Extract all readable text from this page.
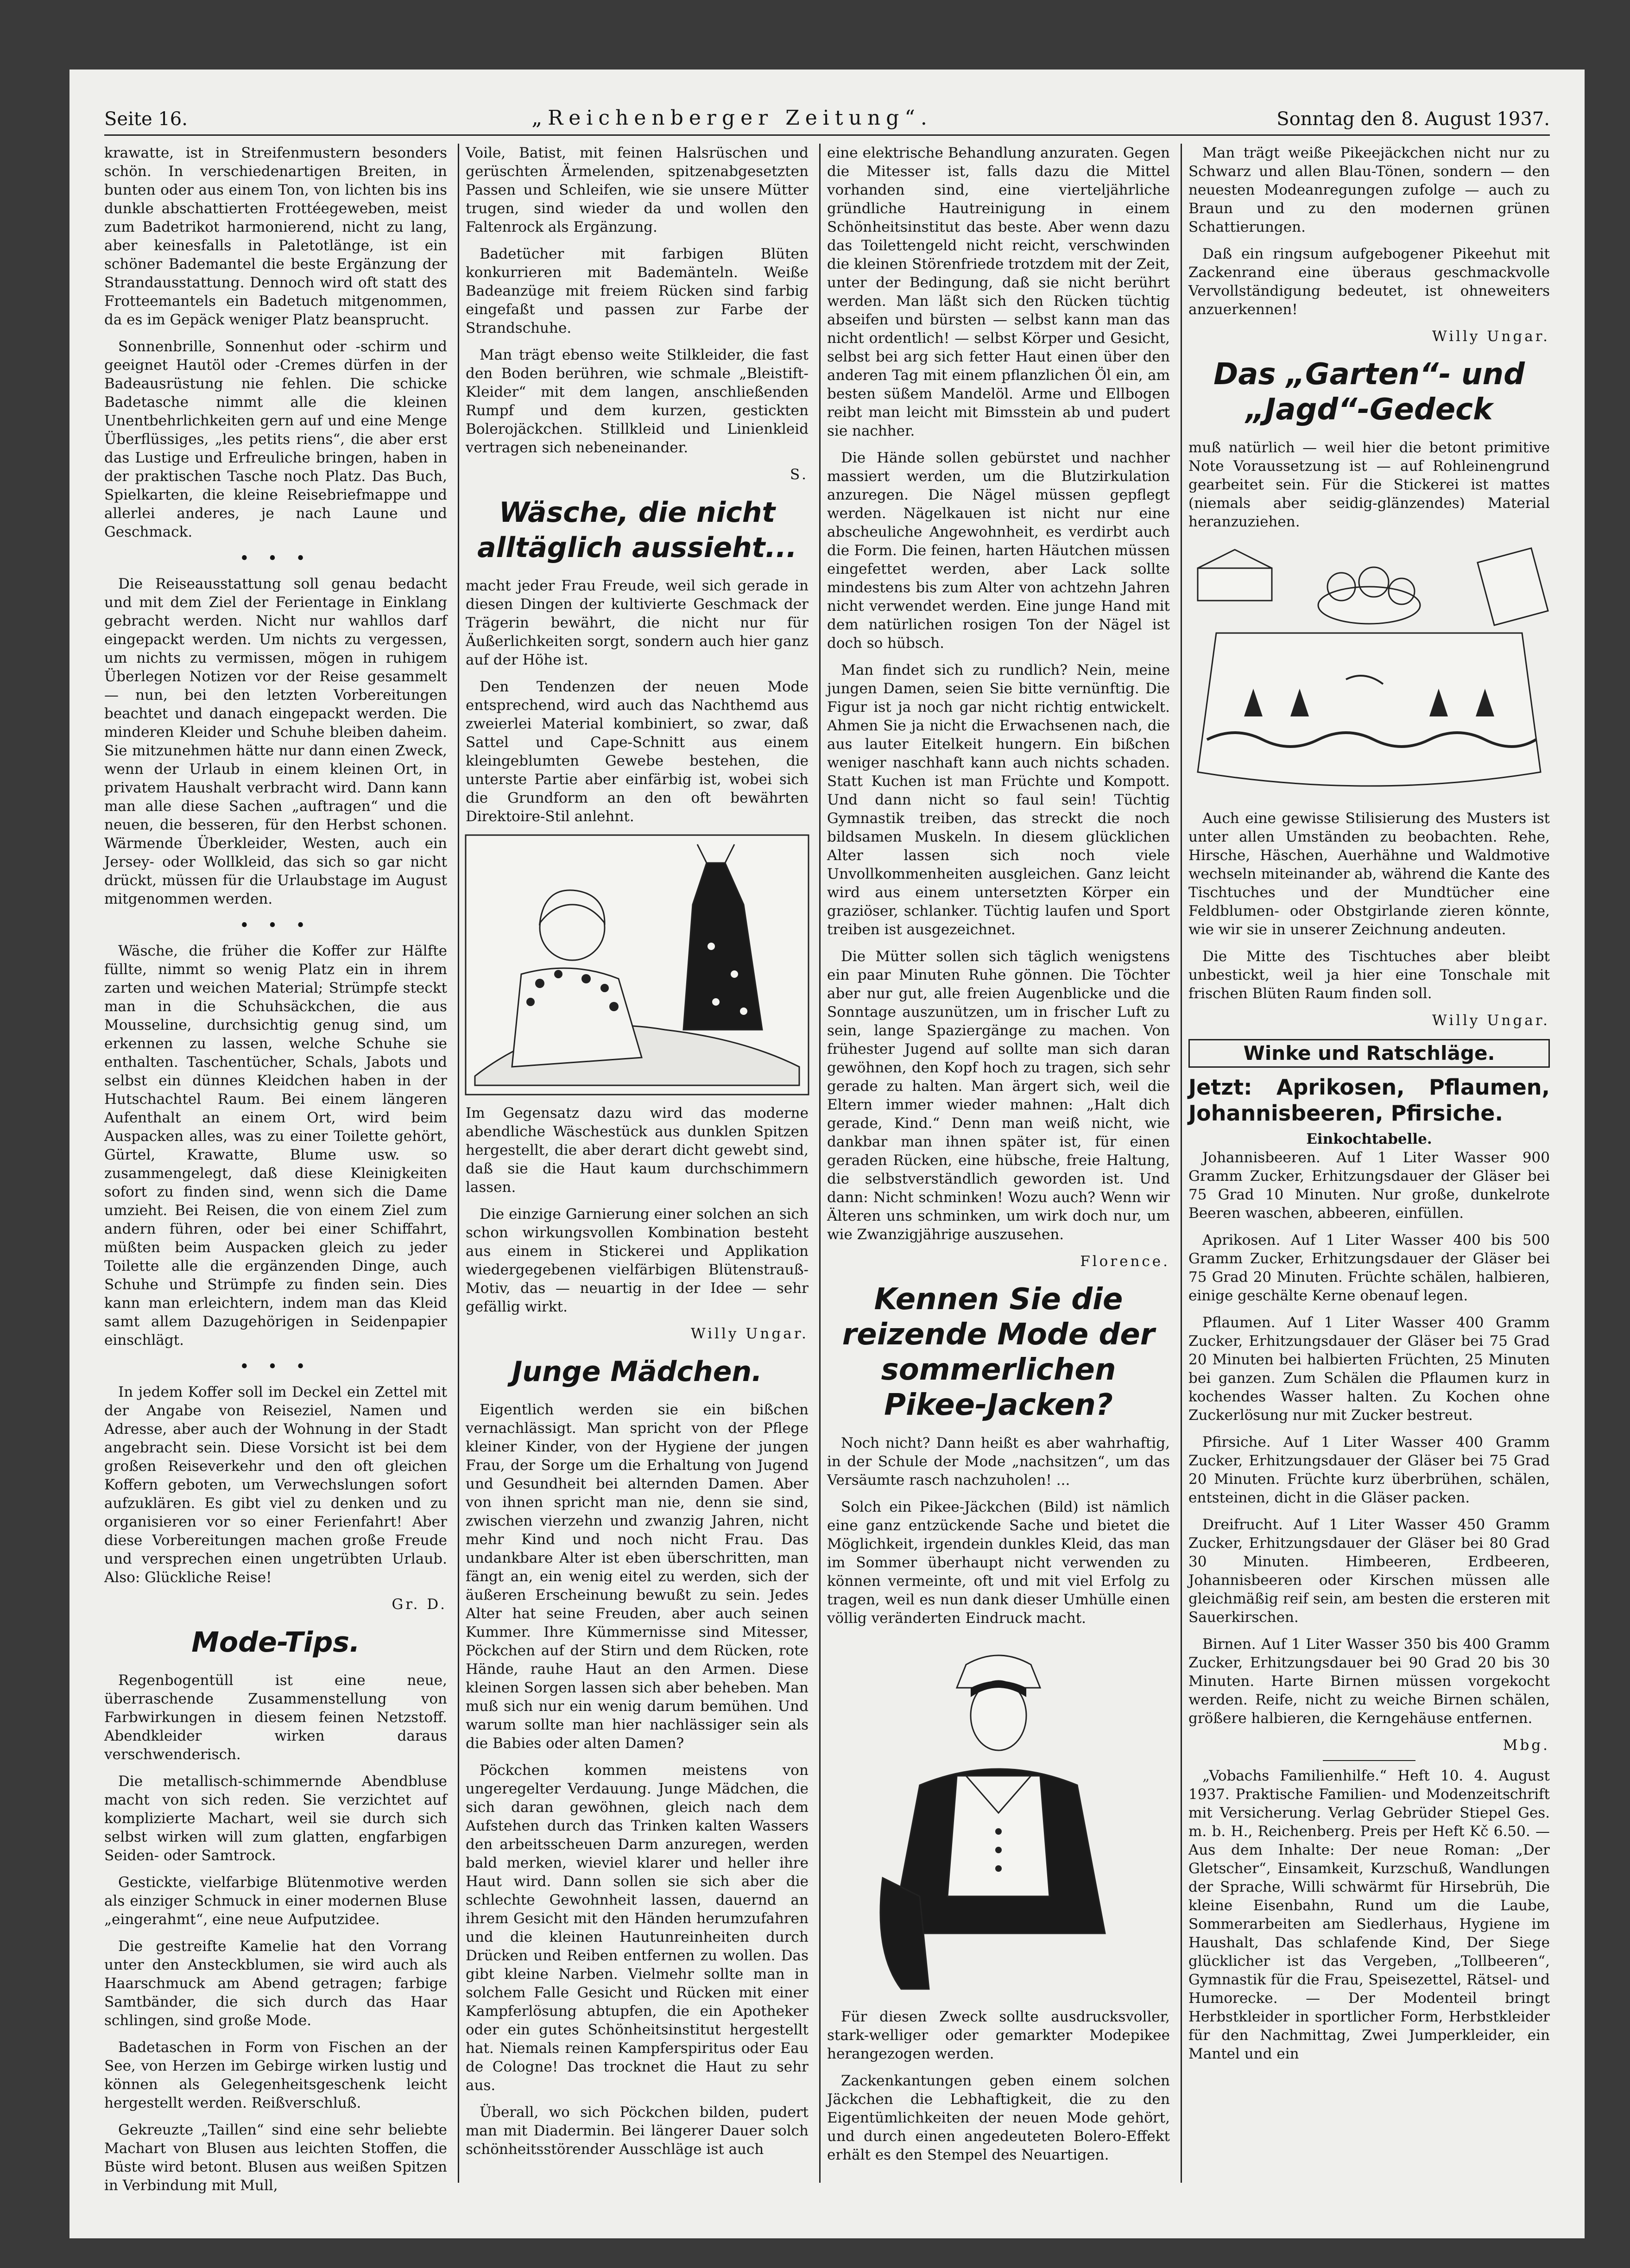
Seite 16.	„Reichenberger Zeitung“.	Sonntag den 8. August 1937.

krawatte, ist in Streifenmustern besonders schön. In verschiedenartigen Breiten, in bunten oder aus einem Ton, von lichten bis ins dunkle abschattierten Frottéegeweben, meist zum Badetrikot harmonierend, nicht zu lang, aber keinesfalls in Paletotlänge, ist ein schöner Bademantel die beste Ergänzung der Strandausstattung. Dennoch wird oft statt des Frotteemantels ein Badetuch mitgenommen, da es im Gepäck weniger Platz beansprucht.

Sonnenbrille, Sonnenhut oder -schirm und geeignet Hautöl oder -Cremes dürfen in der Badeausrüstung nie fehlen. Die schicke Badetasche nimmt alle die kleinen Unentbehrlichkeiten gern auf und eine Menge Überflüssiges, „les petits riens“, die aber erst das Lustige und Erfreuliche bringen, haben in der praktischen Tasche noch Platz. Das Buch, Spielkarten, die kleine Reisebriefmappe und allerlei anderes, je nach Laune und Geschmack.

• • •

Die Reiseausstattung soll genau bedacht und mit dem Ziel der Ferientage in Einklang gebracht werden. Nicht nur wahllos darf eingepackt werden. Um nichts zu vergessen, um nichts zu vermissen, mögen in ruhigem Überlegen Notizen vor der Reise gesammelt — nun, bei den letzten Vorbereitungen beachtet und danach eingepackt werden. Die minderen Kleider und Schuhe bleiben daheim. Sie mitzunehmen hätte nur dann einen Zweck, wenn der Urlaub in einem kleinen Ort, in privatem Haushalt verbracht wird. Dann kann man alle diese Sachen „auftragen“ und die neuen, die besseren, für den Herbst schonen. Wärmende Überkleider, Westen, auch ein Jersey- oder Wollkleid, das sich so gar nicht drückt, müssen für die Urlaubstage im August mitgenommen werden.

• • •

Wäsche, die früher die Koffer zur Hälfte füllte, nimmt so wenig Platz ein in ihrem zarten und weichen Material; Strümpfe steckt man in die Schuhsäckchen, die aus Mousseline, durchsichtig genug sind, um erkennen zu lassen, welche Schuhe sie enthalten. Taschentücher, Schals, Jabots und selbst ein dünnes Kleidchen haben in der Hutschachtel Raum. Bei einem längeren Aufenthalt an einem Ort, wird beim Auspacken alles, was zu einer Toilette gehört, Gürtel, Krawatte, Blume usw. so zusammengelegt, daß diese Kleinigkeiten sofort zu finden sind, wenn sich die Dame umzieht. Bei Reisen, die von einem Ziel zum andern führen, oder bei einer Schiffahrt, müßten beim Auspacken gleich zu jeder Toilette alle die ergänzenden Dinge, auch Schuhe und Strümpfe zu finden sein. Dies kann man erleichtern, indem man das Kleid samt allem Dazugehörigen in Seidenpapier einschlägt.

• • •

In jedem Koffer soll im Deckel ein Zettel mit der Angabe von Reiseziel, Namen und Adresse, aber auch der Wohnung in der Stadt angebracht sein. Diese Vorsicht ist bei dem großen Reiseverkehr und den oft gleichen Koffern geboten, um Verwechslungen sofort aufzuklären. Es gibt viel zu denken und zu organisieren vor so einer Ferienfahrt! Aber diese Vorbereitungen machen große Freude und versprechen einen ungetrübten Urlaub. Also: Glückliche Reise!

Gr. D.
Mode-Tips.

Regenbogentüll ist eine neue, überraschende Zusammenstellung von Farbwirkungen in diesem feinen Netzstoff. Abendkleider wirken daraus verschwenderisch.

Die metallisch-schimmernde Abendbluse macht von sich reden. Sie verzichtet auf komplizierte Machart, weil sie durch sich selbst wirken will zum glatten, engfarbigen Seiden- oder Samtrock.

Gestickte, vielfarbige Blütenmotive werden als einziger Schmuck in einer modernen Bluse „eingerahmt“, eine neue Aufputzidee.

Die gestreifte Kamelie hat den Vorrang unter den Ansteckblumen, sie wird auch als Haarschmuck am Abend getragen; farbige Samtbänder, die sich durch das Haar schlingen, sind große Mode.

Badetaschen in Form von Fischen an der See, von Herzen im Gebirge wirken lustig und können als Gelegenheitsgeschenk leicht hergestellt werden. Reißverschluß.

Gekreuzte „Taillen“ sind eine sehr beliebte Machart von Blusen aus leichten Stoffen, die Büste wird betont. Blusen aus weißen Spitzen in Verbindung mit Mull,

Voile, Batist, mit feinen Halsrüschen und gerüschten Ärmelenden, spitzenabgesetzten Passen und Schleifen, wie sie unsere Mütter trugen, sind wieder da und wollen den Faltenrock als Ergänzung.

Badetücher mit farbigen Blüten konkurrieren mit Bademänteln. Weiße Badeanzüge mit freiem Rücken sind farbig eingefaßt und passen zur Farbe der Strandschuhe.

Man trägt ebenso weite Stilkleider, die fast den Boden berühren, wie schmale „Bleistift-Kleider“ mit dem langen, anschließenden Rumpf und dem kurzen, gestickten Bolerojäckchen. Stillkleid und Linienkleid vertragen sich nebeneinander.

S.
Wäsche, die nicht alltäglich aussieht...

macht jeder Frau Freude, weil sich gerade in diesen Dingen der kultivierte Geschmack der Trägerin bewährt, die nicht nur für Äußerlichkeiten sorgt, sondern auch hier ganz auf der Höhe ist.

Den Tendenzen der neuen Mode entsprechend, wird auch das Nachthemd aus zweierlei Material kombiniert, so zwar, daß Sattel und Cape-Schnitt aus einem kleingeblumten Gewebe bestehen, die unterste Partie aber einfärbig ist, wobei sich die Grundform an den oft bewährten Direktoire-Stil anlehnt.

Im Gegensatz dazu wird das moderne abendliche Wäschestück aus dunklen Spitzen hergestellt, die aber derart dicht gewebt sind, daß sie die Haut kaum durchschimmern lassen.

Die einzige Garnierung einer solchen an sich schon wirkungsvollen Kombination besteht aus einem in Stickerei und Applikation wiedergegebenen vielfärbigen Blütenstrauß-Motiv, das — neuartig in der Idee — sehr gefällig wirkt.

Willy Ungar.
Junge Mädchen.

Eigentlich werden sie ein bißchen vernachlässigt. Man spricht von der Pflege kleiner Kinder, von der Hygiene der jungen Frau, der Sorge um die Erhaltung von Jugend und Gesundheit bei alternden Damen. Aber von ihnen spricht man nie, denn sie sind, zwischen vierzehn und zwanzig Jahren, nicht mehr Kind und noch nicht Frau. Das undankbare Alter ist eben überschritten, man fängt an, ein wenig eitel zu werden, sich der äußeren Erscheinung bewußt zu sein. Jedes Alter hat seine Freuden, aber auch seinen Kummer. Ihre Kümmernisse sind Mitesser, Pöckchen auf der Stirn und dem Rücken, rote Hände, rauhe Haut an den Armen. Diese kleinen Sorgen lassen sich aber beheben. Man muß sich nur ein wenig darum bemühen. Und warum sollte man hier nachlässiger sein als die Babies oder alten Damen?

Pöckchen kommen meistens von ungeregelter Verdauung. Junge Mädchen, die sich daran gewöhnen, gleich nach dem Aufstehen durch das Trinken kalten Wassers den arbeitsscheuen Darm anzuregen, werden bald merken, wieviel klarer und heller ihre Haut wird. Dann sollen sie sich aber die schlechte Gewohnheit lassen, dauernd an ihrem Gesicht mit den Händen herumzufahren und die kleinen Hautunreinheiten durch Drücken und Reiben entfernen zu wollen. Das gibt kleine Narben. Vielmehr sollte man in solchem Falle Gesicht und Rücken mit einer Kampferlösung abtupfen, die ein Apotheker oder ein gutes Schönheitsinstitut hergestellt hat. Niemals reinen Kampferspiritus oder Eau de Cologne! Das trocknet die Haut zu sehr aus.

Überall, wo sich Pöckchen bilden, pudert man mit Diadermin. Bei längerer Dauer solch schönheitsstörender Ausschläge ist auch

eine elektrische Behandlung anzuraten. Gegen die Mitesser ist, falls dazu die Mittel vorhanden sind, eine vierteljährliche gründliche Hautreinigung in einem Schönheitsinstitut das beste. Aber wenn dazu das Toilettengeld nicht reicht, verschwinden die kleinen Störenfriede trotzdem mit der Zeit, unter der Bedingung, daß sie nicht berührt werden. Man läßt sich den Rücken tüchtig abseifen und bürsten — selbst kann man das nicht ordentlich! — selbst Körper und Gesicht, selbst bei arg sich fetter Haut einen über den anderen Tag mit einem pflanzlichen Öl ein, am besten süßem Mandelöl. Arme und Ellbogen reibt man leicht mit Bimsstein ab und pudert sie nachher.

Die Hände sollen gebürstet und nachher massiert werden, um die Blutzirkulation anzuregen. Die Nägel müssen gepflegt werden. Nägelkauen ist nicht nur eine abscheuliche Angewohnheit, es verdirbt auch die Form. Die feinen, harten Häutchen müssen eingefettet werden, aber Lack sollte mindestens bis zum Alter von achtzehn Jahren nicht verwendet werden. Eine junge Hand mit dem natürlichen rosigen Ton der Nägel ist doch so hübsch.

Man findet sich zu rundlich? Nein, meine jungen Damen, seien Sie bitte vernünftig. Die Figur ist ja noch gar nicht richtig entwickelt. Ahmen Sie ja nicht die Erwachsenen nach, die aus lauter Eitelkeit hungern. Ein bißchen weniger naschhaft kann auch nichts schaden. Statt Kuchen ist man Früchte und Kompott. Und dann nicht so faul sein! Tüchtig Gymnastik treiben, das streckt die noch bildsamen Muskeln. In diesem glücklichen Alter lassen sich noch viele Unvollkommenheiten ausgleichen. Ganz leicht wird aus einem untersetzten Körper ein graziöser, schlanker. Tüchtig laufen und Sport treiben ist ausgezeichnet.

Die Mütter sollen sich täglich wenigstens ein paar Minuten Ruhe gönnen. Die Töchter aber nur gut, alle freien Augenblicke und die Sonntage auszunützen, um in frischer Luft zu sein, lange Spaziergänge zu machen. Von frühester Jugend auf sollte man sich daran gewöhnen, den Kopf hoch zu tragen, sich sehr gerade zu halten. Man ärgert sich, weil die Eltern immer wieder mahnen: „Halt dich gerade, Kind.“ Denn man weiß nicht, wie dankbar man ihnen später ist, für einen geraden Rücken, eine hübsche, freie Haltung, die selbstverständlich geworden ist. Und dann: Nicht schminken! Wozu auch? Wenn wir Älteren uns schminken, um wirk doch nur, um wie Zwanzigjährige auszusehen.

Florence.
Kennen Sie die reizende Mode der sommerlichen Pikee-Jacken?

Noch nicht? Dann heißt es aber wahrhaftig, in der Schule der Mode „nachsitzen“, um das Versäumte rasch nachzuholen! ...

Solch ein Pikee-Jäckchen (Bild) ist nämlich eine ganz entzückende Sache und bietet die Möglichkeit, irgendein dunkles Kleid, das man im Sommer überhaupt nicht verwenden zu können vermeinte, oft und mit viel Erfolg zu tragen, weil es nun dank dieser Umhülle einen völlig veränderten Eindruck macht.

Für diesen Zweck sollte ausdrucksvoller, stark-welliger oder gemarkter Modepikee herangezogen werden.

Zackenkantungen geben einem solchen Jäckchen die Lebhaftigkeit, die zu den Eigentümlichkeiten der neuen Mode gehört, und durch einen angedeuteten Bolero-Effekt erhält es den Stempel des Neuartigen.

Man trägt weiße Pikeejäckchen nicht nur zu Schwarz und allen Blau-Tönen, sondern — den neuesten Modeanregungen zufolge — auch zu Braun und zu den modernen grünen Schattierungen.

Daß ein ringsum aufgebogener Pikeehut mit Zackenrand eine überaus geschmackvolle Vervollständigung bedeutet, ist ohneweiters anzuerkennen!

Willy Ungar.
Das „Garten“- und „Jagd“-Gedeck

muß natürlich — weil hier die betont primitive Note Voraussetzung ist — auf Rohleinengrund gearbeitet sein. Für die Stickerei ist mattes (niemals aber seidig-glänzendes) Material heranzuziehen.

Auch eine gewisse Stilisierung des Musters ist unter allen Umständen zu beobachten. Rehe, Hirsche, Häschen, Auerhähne und Waldmotive wechseln miteinander ab, während die Kante des Tischtuches und der Mundtücher eine Feldblumen- oder Obstgirlande zieren könnte, wie wir sie in unserer Zeichnung andeuten.

Die Mitte des Tischtuches aber bleibt unbestickt, weil ja hier eine Tonschale mit frischen Blüten Raum finden soll.

Willy Ungar.
Winke und Ratschläge.
Jetzt: Aprikosen, Pflaumen, Johannisbeeren, Pfirsiche.
Einkochtabelle.

Johannisbeeren. Auf 1 Liter Wasser 900 Gramm Zucker, Erhitzungsdauer der Gläser bei 75 Grad 10 Minuten. Nur große, dunkelrote Beeren waschen, abbeeren, einfüllen.

Aprikosen. Auf 1 Liter Wasser 400 bis 500 Gramm Zucker, Erhitzungsdauer der Gläser bei 75 Grad 20 Minuten. Früchte schälen, halbieren, einige geschälte Kerne obenauf legen.

Pflaumen. Auf 1 Liter Wasser 400 Gramm Zucker, Erhitzungsdauer der Gläser bei 75 Grad 20 Minuten bei halbierten Früchten, 25 Minuten bei ganzen. Zum Schälen die Pflaumen kurz in kochendes Wasser halten. Zu Kochen ohne Zuckerlösung nur mit Zucker bestreut.

Pfirsiche. Auf 1 Liter Wasser 400 Gramm Zucker, Erhitzungsdauer der Gläser bei 75 Grad 20 Minuten. Früchte kurz überbrühen, schälen, entsteinen, dicht in die Gläser packen.

Dreifrucht. Auf 1 Liter Wasser 450 Gramm Zucker, Erhitzungsdauer der Gläser bei 80 Grad 30 Minuten. Himbeeren, Erdbeeren, Johannisbeeren oder Kirschen müssen alle gleichmäßig reif sein, am besten die ersteren mit Sauerkirschen.

Birnen. Auf 1 Liter Wasser 350 bis 400 Gramm Zucker, Erhitzungsdauer bei 90 Grad 20 bis 30 Minuten. Harte Birnen müssen vorgekocht werden. Reife, nicht zu weiche Birnen schälen, größere halbieren, die Kerngehäuse entfernen.

Mbg.

„Vobachs Familienhilfe.“ Heft 10. 4. August 1937. Praktische Familien- und Modenzeitschrift mit Versicherung. Verlag Gebrüder Stiepel Ges. m. b. H., Reichenberg. Preis per Heft Kč 6.50. — Aus dem Inhalte: Der neue Roman: „Der Gletscher“, Einsamkeit, Kurzschuß, Wandlungen der Sprache, Willi schwärmt für Hirsebrüh, Die kleine Eisenbahn, Rund um die Laube, Sommerarbeiten am Siedlerhaus, Hygiene im Haushalt, Das schlafende Kind, Der Siege glücklicher ist das Vergeben, „Tollbeeren“, Gymnastik für die Frau, Speisezettel, Rätsel- und Humorecke. — Der Modenteil bringt Herbstkleider in sportlicher Form, Herbstkleider für den Nachmittag, Zwei Jumperkleider, ein Mantel und ein
